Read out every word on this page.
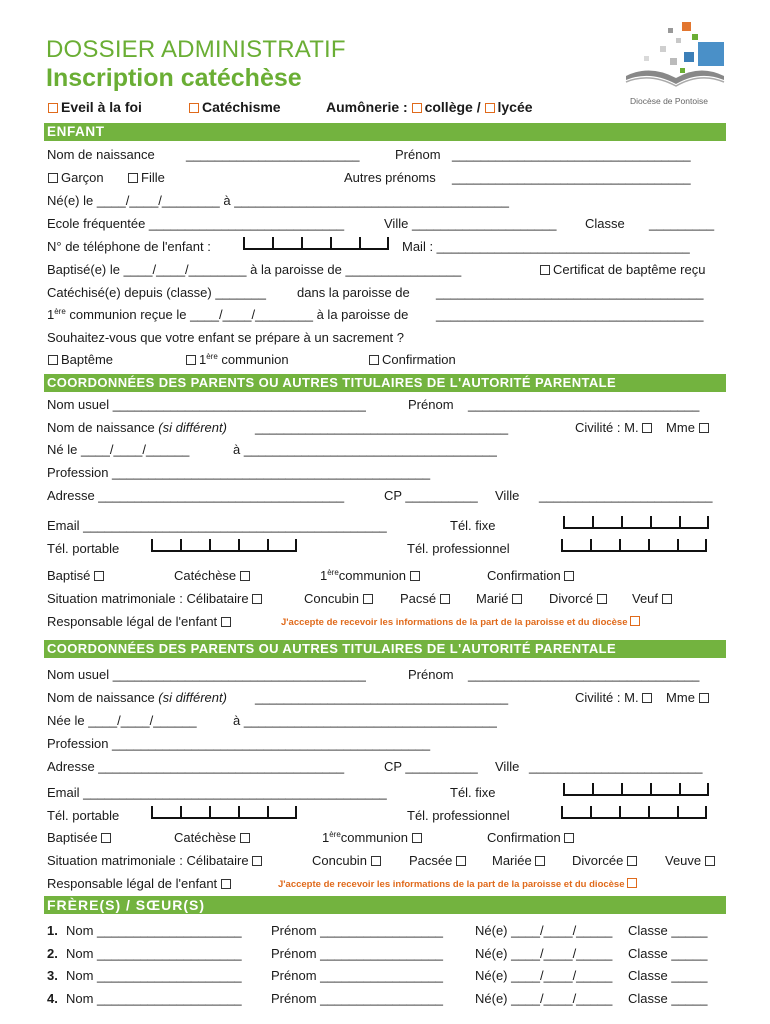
DOSSIER ADMINISTRATIF
Inscription catéchèse
Diocèse de Pontoise
Eveil à la foi	Catéchisme	Aumônerie : collège / lycée
ENFANT
Nom de naissance ________________________	Prénom _________________________________
Garçon	Fille	Autres prénoms _________________________________
Né(e) le ____/____/________ à ______________________________________
Ecole fréquentée ___________________________	Ville ____________________ Classe _________
N° de téléphone de l'enfant :	Mail : ___________________________________
Baptisé(e) le ____/____/________ à la paroisse de ________________	Certificat de baptême reçu
Catéchisé(e) depuis (classe) _______ dans la paroisse de _____________________________________
1ère communion reçue le ____/____/________ à la paroisse de _____________________________________
Souhaitez-vous que votre enfant se prépare à un sacrement ?
Baptême	1ère communion	Confirmation
COORDONNÉES DES PARENTS OU AUTRES TITULAIRES DE L'AUTORITÉ PARENTALE
Nom usuel ___________________________________	Prénom ________________________________
Nom de naissance (si différent) ___________________________________	Civilité : M. Mme
Né le ____/____/______	à ___________________________________
Profession ____________________________________________
Adresse __________________________________	CP __________ Ville ________________________
Email __________________________________________	Tél. fixe
Tél. portable	Tél. professionnel
Baptisé	Catéchèse	1èrecommunion	Confirmation
Situation matrimoniale : Célibataire	Concubin	Pacsé	Marié	Divorcé	Veuf
Responsable légal de l'enfant	J'accepte de recevoir les informations de la part de la paroisse et du diocèse
COORDONNÉES DES PARENTS OU AUTRES TITULAIRES DE L'AUTORITÉ PARENTALE
Nom usuel ___________________________________	Prénom ________________________________
Nom de naissance (si différent) ___________________________________	Civilité : M. Mme
Née le ____/____/______	à ___________________________________
Profession ____________________________________________
Adresse __________________________________	CP __________ Ville ________________________
Email __________________________________________	Tél. fixe
Tél. portable	Tél. professionnel
Baptisée	Catéchèse	1èrecommunion	Confirmation
Situation matrimoniale : Célibataire	Concubin	Pacsée	Mariée	Divorcée	Veuve
Responsable légal de l'enfant	J'accepte de recevoir les informations de la part de la paroisse et du diocèse
FRÈRE(S) / SŒUR(S)
1. Nom ____________________ Prénom _________________ Né(e) ____/____/_____ Classe _____
2. Nom ____________________ Prénom _________________ Né(e) ____/____/_____ Classe _____
3. Nom ____________________ Prénom _________________ Né(e) ____/____/_____ Classe _____
4. Nom ____________________ Prénom _________________ Né(e) ____/____/_____ Classe _____
